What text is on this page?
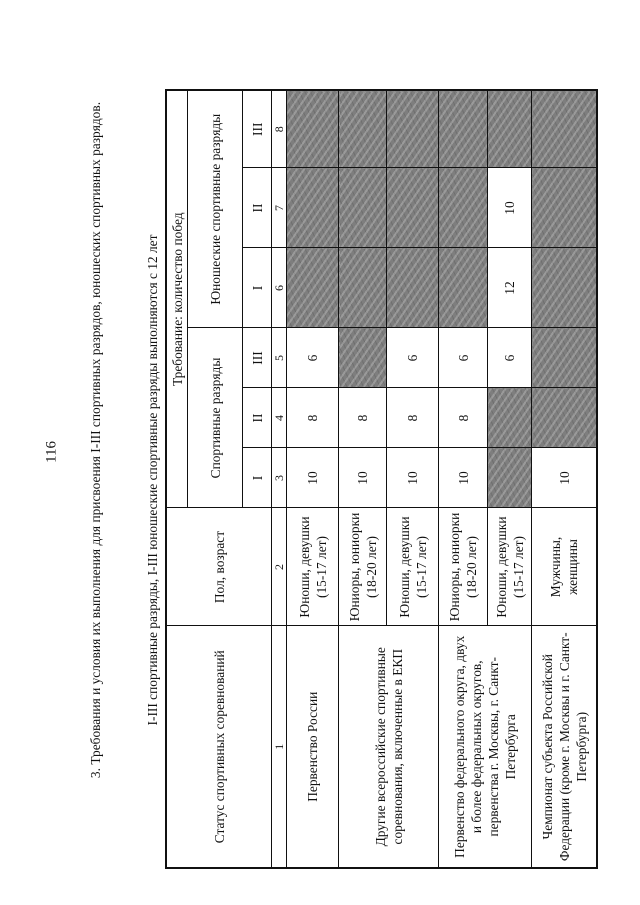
116 3. Требования и условия их выполнения для присвоения I-III спортивных разрядов, юношеских спортивных разрядов.	I-III спортивные разряды, I-III юношеские спортивные разряды выполняются с 12 лет
Статус спортивных соревнований	Пол, возраст	Требование: количество побед					
		Спортивные разряды			Юношеские спортивные разряды		
		I	II	III	I	II	III
1	2	3	4	5	6	7	8
Первенство России	Юноши, девушки (15-17 лет)	10	8	6			
Другие всероссийские спортивные соревнования, включенные в ЕКП	Юниоры, юниорки (18-20 лет)	10	8				
	Юноши, девушки (15-17 лет)	10	8	6			
Первенство федерального округа, двух и более федеральных округов, первенства г. Москвы, г. Санкт-Петербурга	Юниоры, юниорки (18-20 лет)	10	8	6			
	Юноши, девушки (15-17 лет)			6	12	10	
Чемпионат субъекта Российской Федерации (кроме г. Москвы и г. Санкт-Петербурга)	Мужчины, женщины	10					
